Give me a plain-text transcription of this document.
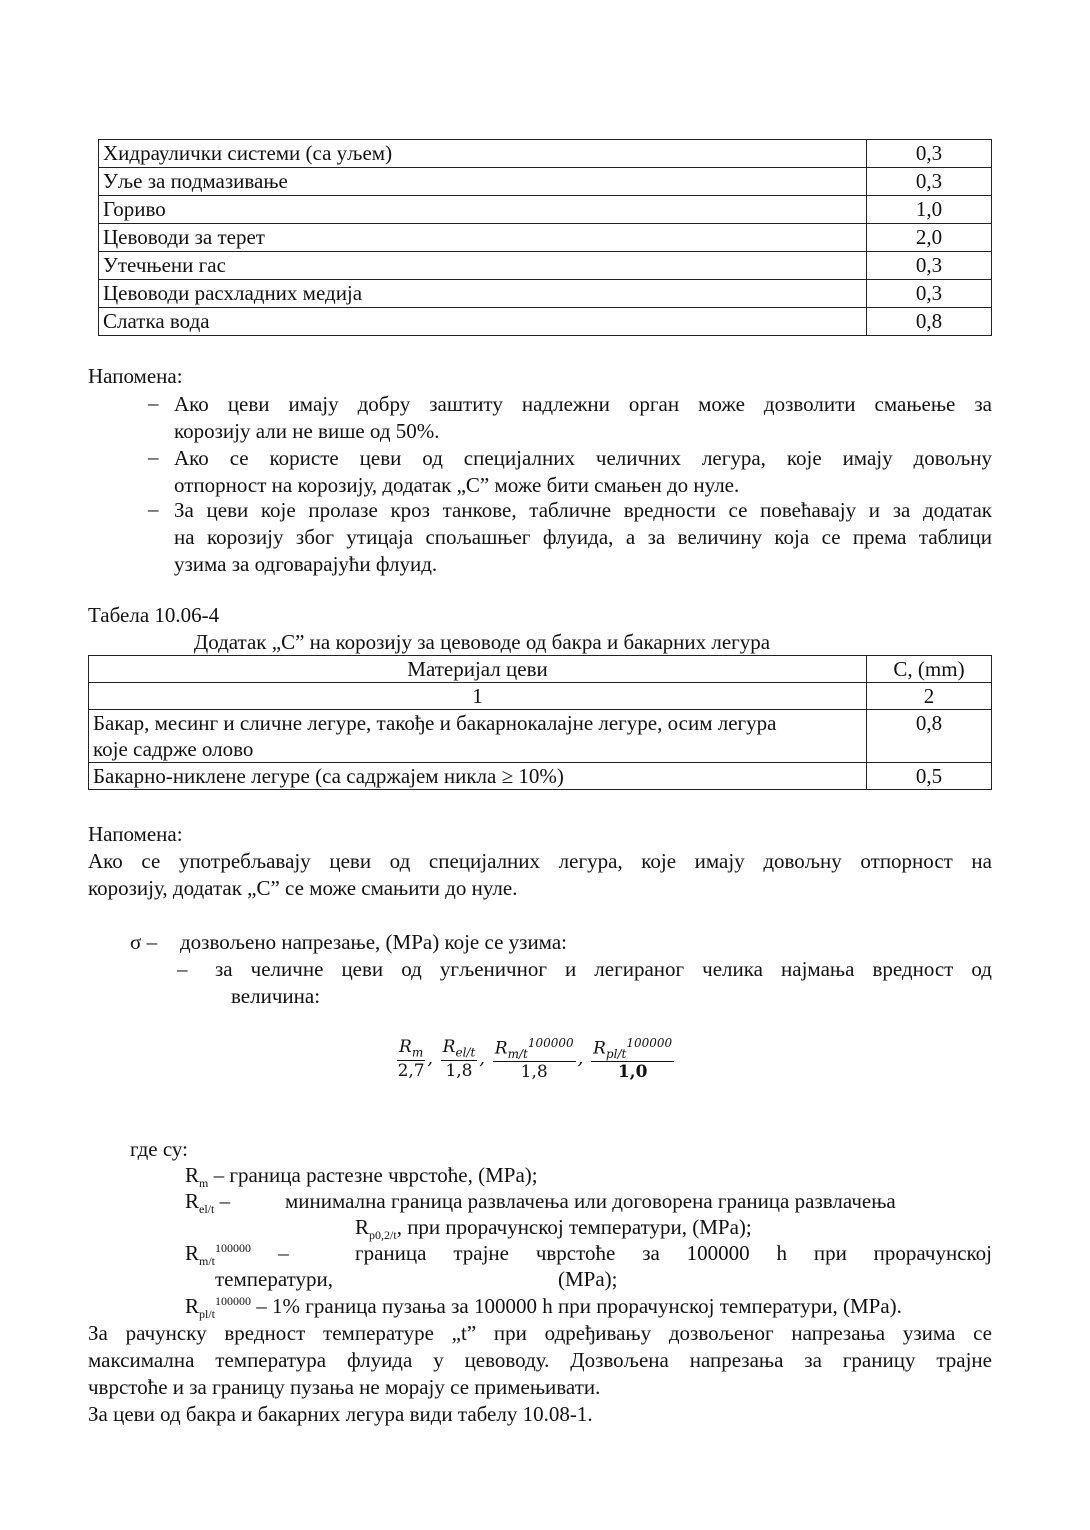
Хидраулички системи (са уљем)	0,3
Уље за подмазивање	0,3
Гориво	1,0
Цевоводи за терет	2,0
Утечњени гас	0,3
Цевоводи расхладних медија	0,3
Слатка вода	0,8
Напомена:
– Ако цеви имају добру заштиту надлежни орган може дозволити смањење за
корозију али не више од 50%.
– Ако се користе цеви од специјалних челичних легура, које имају довољну
отпорност на корозију, додатак „С” може бити смањен до нуле.
– За цеви које пролазе кроз танкове, табличне вредности се повећавају и за додатак
на корозију због утицаја спољашњег флуида, а за величину која се према таблици
узима за одговарајући флуид.
Табела 10.06-4
Додатак „С” на корозију за цевоводе од бакра и бакарних легура
Материјал цеви	C, (mm)
1	2

Бакар, месинг и сличне легуре, такође и бакарнокалајне легуре, осим легура
које садрже олово	0,8
Бакарно-никлене легуре (са садржајем никла ≥ 10%)	0,5
Напомена:
Ако се употребљавају цеви од специјалних легура, које имају довољну отпорност на
корозију, додатак „С” се може смањити до нуле.
σ – дозвољено напрезање, (MPa) које се узима:
– за челичне цеви од угљеничног и легираног челика најмања вредност од
величина:
$\frac{R_m}{2,7}$ , $\frac{R_{el/t}}{1,8}$ , $\frac{R_{m/t}^{100000}}{1,8}$ , $\frac{R_{pl/t}^{100000}}{1,0}$
где су:
$R_m$ – граница растезне чврстоће, (MPa);
$R_{el/t}$ –	минимална граница развлачења или договорена граница развлачења
$R_{p0,2/t}$, при прорачунској температури, (MPa);
$R_{m/t}^{100000}$ –	граница трајне чврстоће за 100000 h при прорачунској
температури,	(MPa);
$R_{pl/t}^{100000} - 1\%$ граница пузања за 100000 h при прорачунској температури, (MPa).
За рачунску вредност температуре „t” при одређивању дозвољеног напрезања узима се
максимална температура флуида у цевоводу. Дозвољена напрезања за границу трајне
чврстоће и за границу пузања не морају се примењивати.
За цеви од бакра и бакарних легура види табелу 10.08-1.
